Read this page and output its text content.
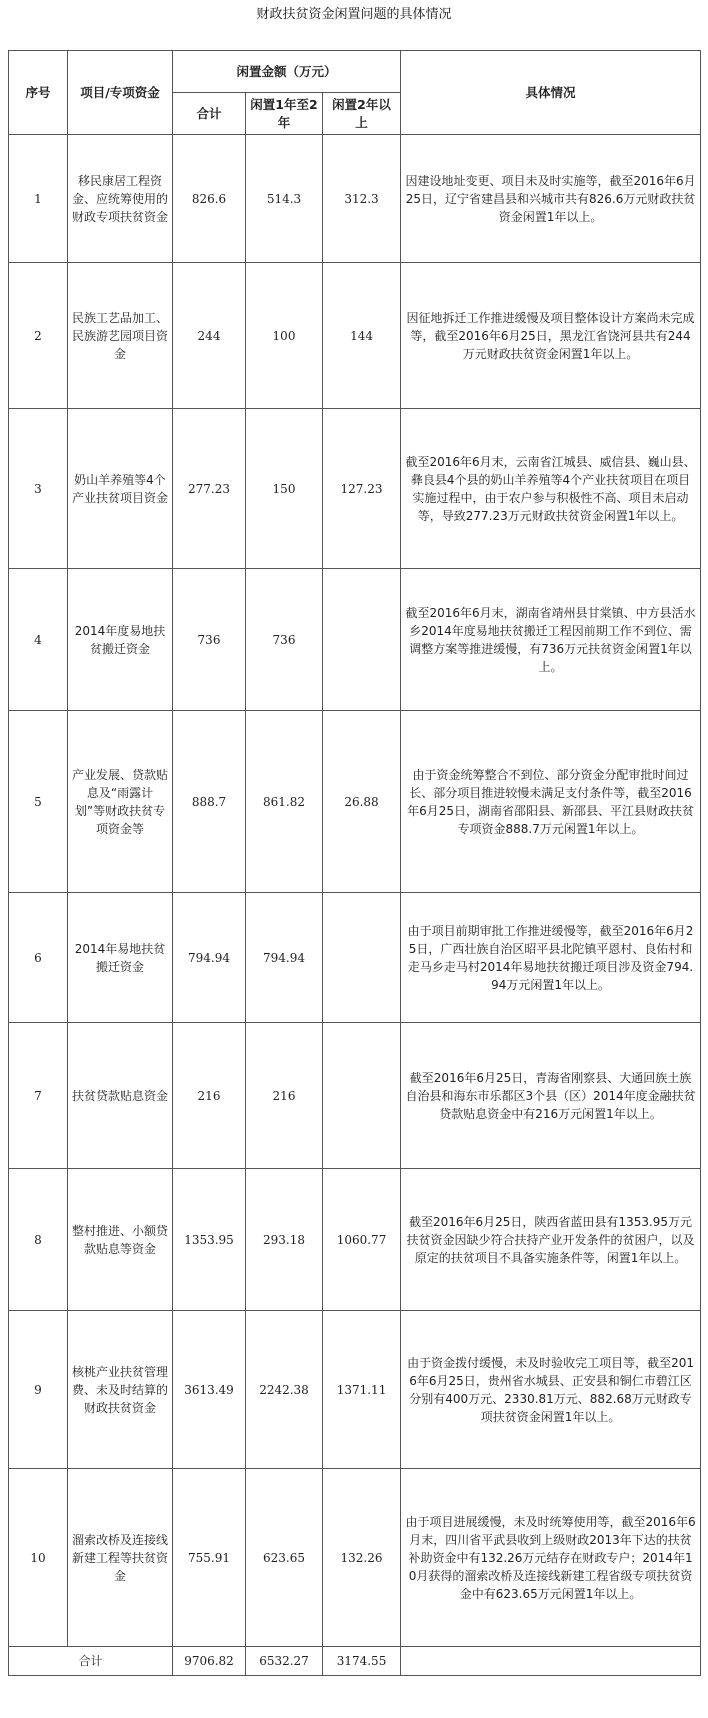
财政扶贫资金闲置问题的具体情况
序号	项目/专项资金	闲置金额（万元）			具体情况
		合计	闲置1年至2年	闲置2年以上	
1	移民康居工程资金、应统筹使用的财政专项扶贫资金	826.6	514.3	312.3	因建设地址变更、项目未及时实施等，截至2016年6月25日，辽宁省建昌县和兴城市共有826.6万元财政扶贫资金闲置1年以上。
2	民族工艺品加工、民族游艺园项目资金	244	100	144	因征地拆迁工作推进缓慢及项目整体设计方案尚未完成等，截至2016年6月25日，黑龙江省饶河县共有244万元财政扶贫资金闲置1年以上。
3	奶山羊养殖等4个产业扶贫项目资金	277.23	150	127.23	截至2016年6月末，云南省江城县、威信县、巍山县、彝良县4个县的奶山羊养殖等4个产业扶贫项目在项目实施过程中，由于农户参与积极性不高、项目未启动等，导致277.23万元财政扶贫资金闲置1年以上。
4	2014年度易地扶贫搬迁资金	736	736		截至2016年6月末，湖南省靖州县甘棠镇、中方县活水乡2014年度易地扶贫搬迁工程因前期工作不到位、需调整方案等推进缓慢，有736万元扶贫资金闲置1年以上。
5	产业发展、贷款贴息及“雨露计划”等财政扶贫专项资金等	888.7	861.82	26.88	由于资金统筹整合不到位、部分资金分配审批时间过长、部分项目推进较慢未满足支付条件等，截至2016年6月25日，湖南省邵阳县、新邵县、平江县财政扶贫专项资金888.7万元闲置1年以上。
6	2014年易地扶贫搬迁资金	794.94	794.94		由于项目前期审批工作推进缓慢等，截至2016年6月25日，广西壮族自治区昭平县北陀镇平恩村、良佑村和走马乡走马村2014年易地扶贫搬迁项目涉及资金794.94万元闲置1年以上。
7	扶贫贷款贴息资金	216	216		截至2016年6月25日，青海省刚察县、大通回族土族自治县和海东市乐都区3个县（区）2014年度金融扶贫贷款贴息资金中有216万元闲置1年以上。
8	整村推进、小额贷款贴息等资金	1353.95	293.18	1060.77	截至2016年6月25日，陕西省蓝田县有1353.95万元扶贫资金因缺少符合扶持产业开发条件的贫困户，以及原定的扶贫项目不具备实施条件等，闲置1年以上。
9	核桃产业扶贫管理费、未及时结算的财政扶贫资金	3613.49	2242.38	1371.11	由于资金拨付缓慢，未及时验收完工项目等，截至2016年6月25日，贵州省水城县、正安县和铜仁市碧江区分别有400万元、2330.81万元、882.68万元财政专项扶贫资金闲置1年以上。
10	溜索改桥及连接线新建工程等扶贫资金	755.91	623.65	132.26	由于项目进展缓慢，未及时统筹使用等，截至2016年6月末，四川省平武县收到上级财政2013年下达的扶贫补助资金中有132.26万元结存在财政专户；2014年10月获得的溜索改桥及连接线新建工程省级专项扶贫资金中有623.65万元闲置1年以上。
合计		9706.82	6532.27	3174.55	
